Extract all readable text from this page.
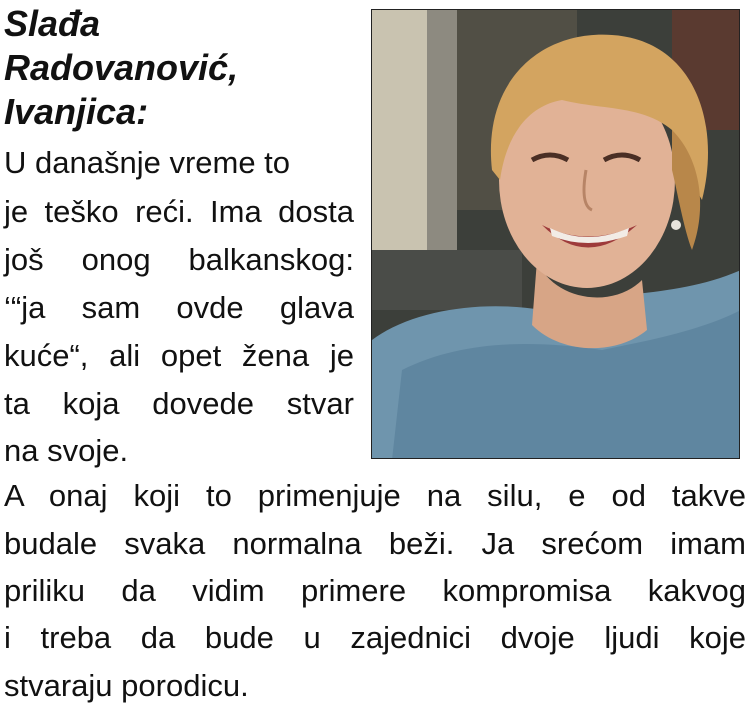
Slađa
Radovanović,
Ivanjica:
U današnje vreme to
je teško reći. Ima dosta
još onog balkanskog:
‘“ja sam ovde glava
kuće“, ali opet žena je
ta koja dovede stvar
na svoje.
A onaj koji to primenjuje na silu, e od takve
budale svaka normalna beži. Ja srećom imam
priliku da vidim primere kompromisa kakvog
i treba da bude u zajednici dvoje ljudi koje
stvaraju porodicu.
